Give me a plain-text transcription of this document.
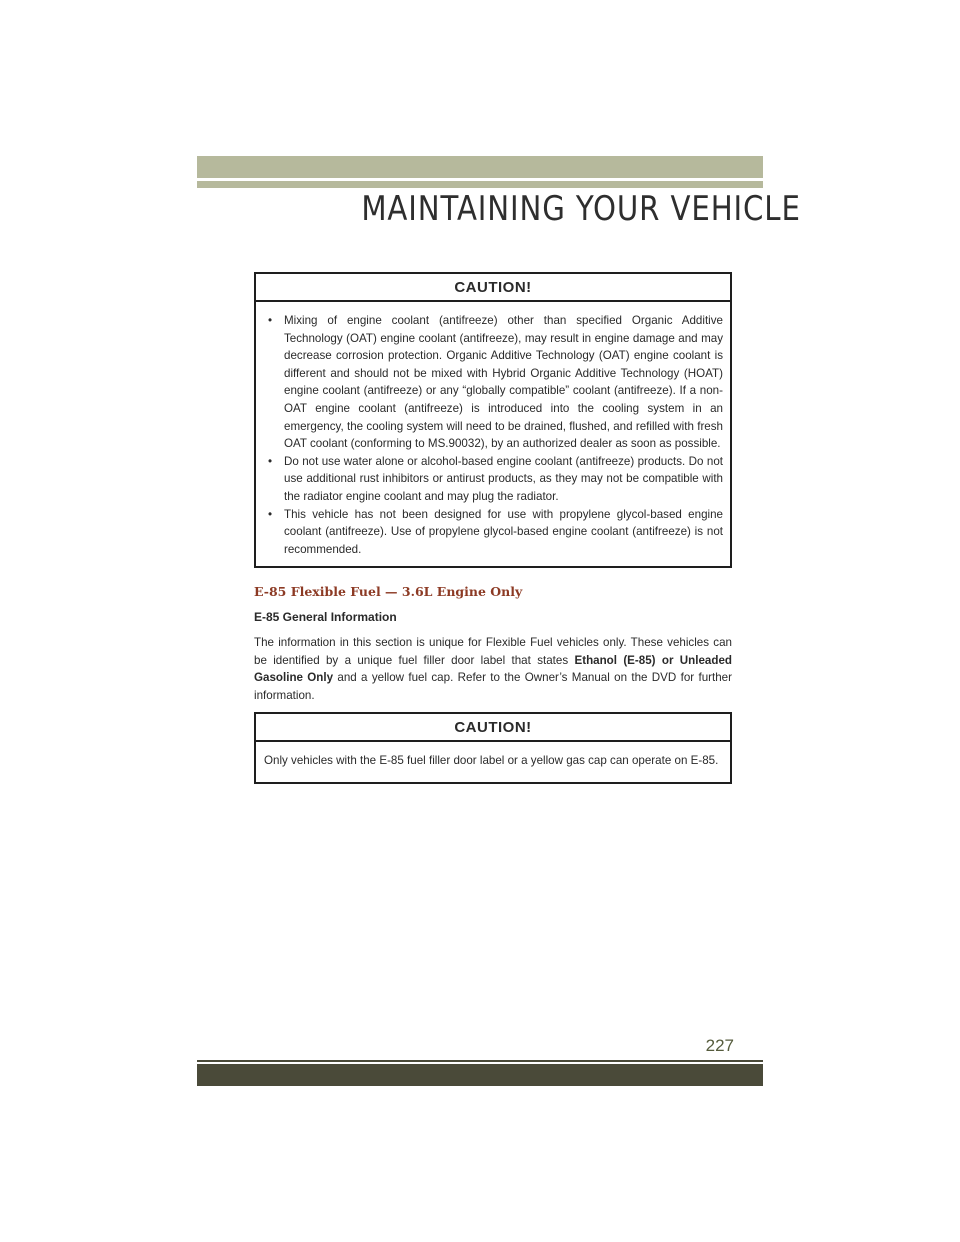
MAINTAINING YOUR VEHICLE
CAUTION!
• Mixing of engine coolant (antifreeze) other than specified Organic Additive Technology (OAT) engine coolant (antifreeze), may result in engine damage and may decrease corrosion protection. Organic Additive Technology (OAT) engine coolant is different and should not be mixed with Hybrid Organic Additive Technology (HOAT) engine coolant (antifreeze) or any “globally compatible” coolant (antifreeze). If a non-OAT engine coolant (antifreeze) is introduced into the cooling system in an emergency, the cooling system will need to be drained, flushed, and refilled with fresh OAT coolant (conforming to MS.90032), by an authorized dealer as soon as possible.
• Do not use water alone or alcohol-based engine coolant (antifreeze) products. Do not use additional rust inhibitors or antirust products, as they may not be compatible with the radiator engine coolant and may plug the radiator.
• This vehicle has not been designed for use with propylene glycol-based engine coolant (antifreeze). Use of propylene glycol-based engine coolant (antifreeze) is not recommended.
E-85 Flexible Fuel — 3.6L Engine Only
E-85 General Information

The information in this section is unique for Flexible Fuel vehicles only. These vehicles can be identified by a unique fuel filler door label that states Ethanol (E-85) or Unleaded Gasoline Only and a yellow fuel cap. Refer to the Owner’s Manual on the DVD for further information.

CAUTION!
Only vehicles with the E-85 fuel filler door label or a yellow gas cap can operate on E-85.
227
